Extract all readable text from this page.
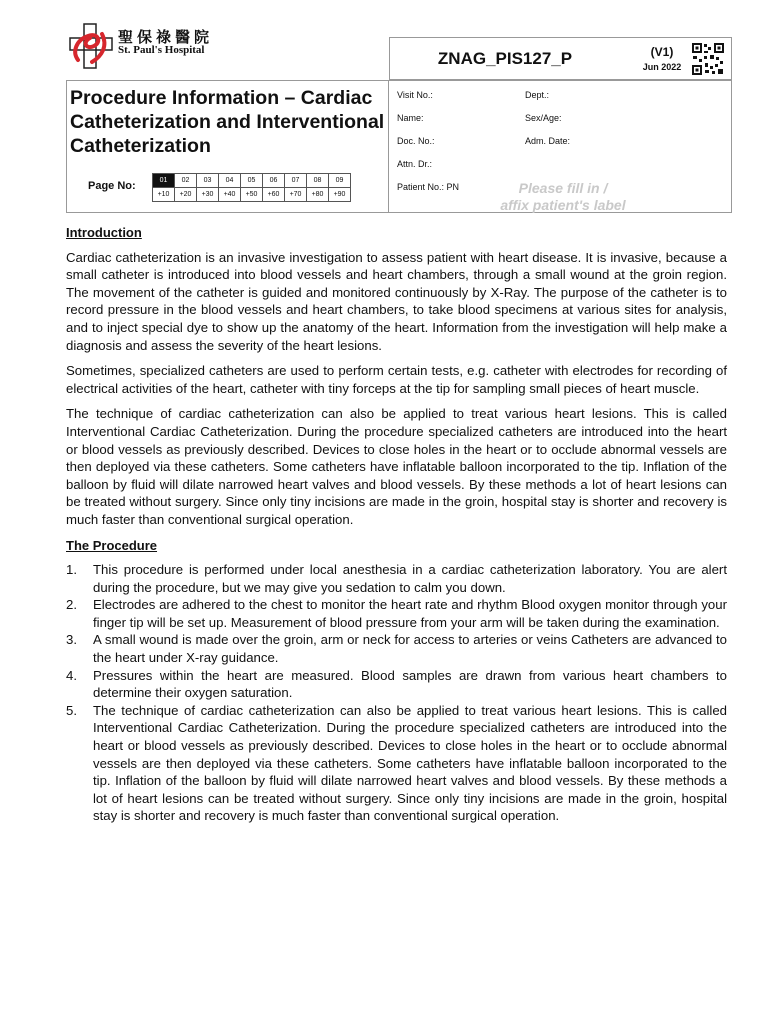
聖保祿醫院
St. Paul's Hospital	ZNAG_PIS127_P	(V1)
Jun 2022
Procedure Information – Cardiac Catheterization and Interventional Catheterization
Page No:	01	02	03	04	05	06	07	08	09
+10	+20	+30	+40	+50	+60	+70	+80	+90
Visit No.:	Dept.:
Name:	Sex/Age:
Doc. No.:	Adm. Date:
Attn. Dr.:
Patient No.: PN	Please fill in /
affix patient's label
Introduction

Cardiac catheterization is an invasive investigation to assess patient with heart disease. It is invasive, because a small catheter is introduced into blood vessels and heart chambers, through a small wound at the groin region. The movement of the catheter is guided and monitored continuously by X-Ray. The purpose of the catheter is to record pressure in the blood vessels and heart chambers, to take blood specimens at various sites for analysis, and to inject special dye to show up the anatomy of the heart. Information from the investigation will help make a diagnosis and assess the severity of the heart lesions.

Sometimes, specialized catheters are used to perform certain tests, e.g. catheter with electrodes for recording of electrical activities of the heart, catheter with tiny forceps at the tip for sampling small pieces of heart muscle.

The technique of cardiac catheterization can also be applied to treat various heart lesions. This is called Interventional Cardiac Catheterization. During the procedure specialized catheters are introduced into the heart or blood vessels as previously described. Devices to close holes in the heart or to occlude abnormal vessels are then deployed via these catheters. Some catheters have inflatable balloon incorporated to the tip. Inflation of the balloon by fluid will dilate narrowed heart valves and blood vessels. By these methods a lot of heart lesions can be treated without surgery. Since only tiny incisions are made in the groin, hospital stay is shorter and recovery is much faster than conventional surgical operation.

The Procedure
1. This procedure is performed under local anesthesia in a cardiac catheterization laboratory. You are alert during the procedure, but we may give you sedation to calm you down.
2. Electrodes are adhered to the chest to monitor the heart rate and rhythm Blood oxygen monitor through your finger tip will be set up. Measurement of blood pressure from your arm will be taken during the examination.
3. A small wound is made over the groin, arm or neck for access to arteries or veins Catheters are advanced to the heart under X-ray guidance.
4. Pressures within the heart are measured. Blood samples are drawn from various heart chambers to determine their oxygen saturation.
5. The technique of cardiac catheterization can also be applied to treat various heart lesions. This is called Interventional Cardiac Catheterization. During the procedure specialized catheters are introduced into the heart or blood vessels as previously described. Devices to close holes in the heart or to occlude abnormal vessels are then deployed via these catheters. Some catheters have inflatable balloon incorporated to the tip. Inflation of the balloon by fluid will dilate narrowed heart valves and blood vessels. By these methods a lot of heart lesions can be treated without surgery. Since only tiny incisions are made in the groin, hospital stay is shorter and recovery is much faster than conventional surgical operation.
